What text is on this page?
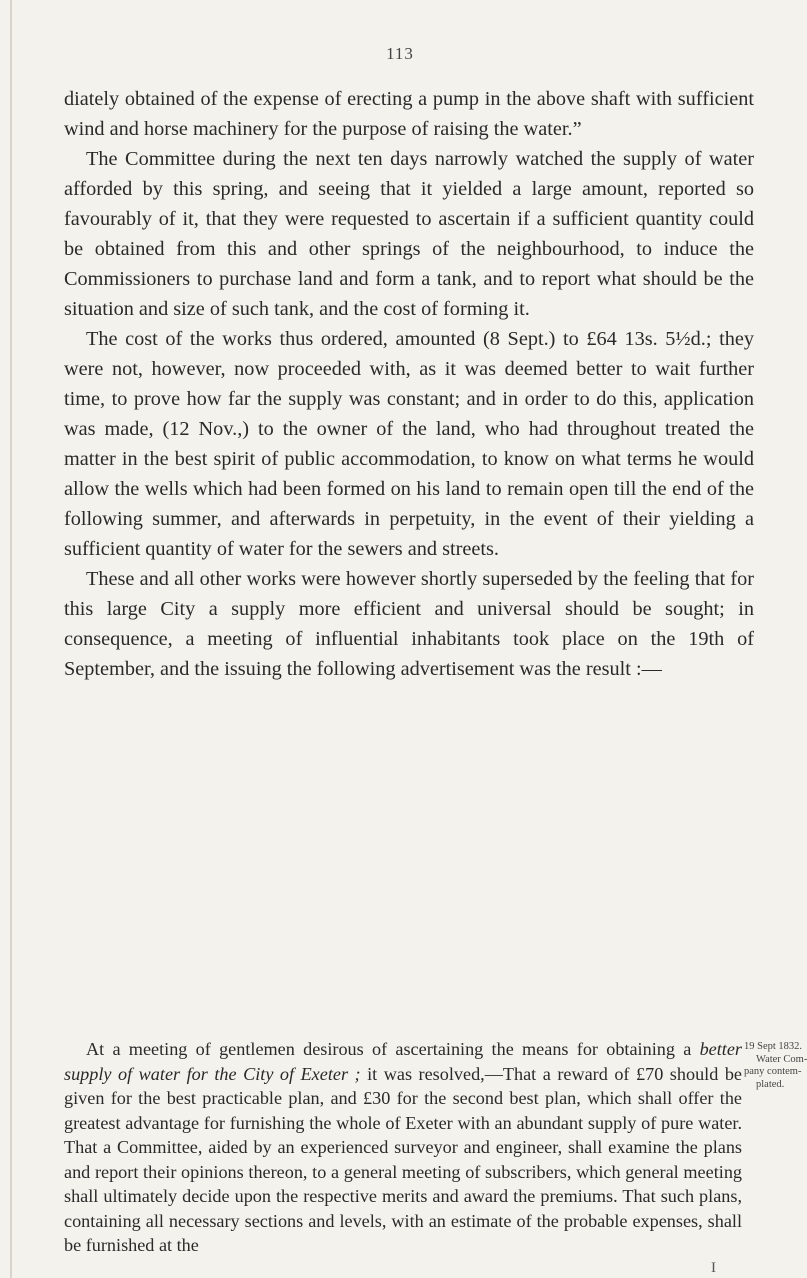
113

diately obtained of the expense of erecting a pump in the above shaft with sufficient wind and horse machinery for the purpose of raising the water.”

The Committee during the next ten days narrowly watched the supply of water afforded by this spring, and seeing that it yielded a large amount, reported so favourably of it, that they were requested to ascertain if a sufficient quantity could be obtained from this and other springs of the neighbourhood, to induce the Commissioners to purchase land and form a tank, and to report what should be the situation and size of such tank, and the cost of forming it.

The cost of the works thus ordered, amounted (8 Sept.) to £64 13s. 5½d.; they were not, however, now proceeded with, as it was deemed better to wait further time, to prove how far the supply was constant; and in order to do this, application was made, (12 Nov.,) to the owner of the land, who had throughout treated the matter in the best spirit of public accommodation, to know on what terms he would allow the wells which had been formed on his land to remain open till the end of the following summer, and afterwards in perpetuity, in the event of their yielding a sufficient quantity of water for the sewers and streets.

These and all other works were however shortly superseded by the feeling that for this large City a supply more efficient and universal should be sought; in consequence, a meeting of influential inhabitants took place on the 19th of September, and the issuing the following advertisement was the result :—

At a meeting of gentlemen desirous of ascertaining the means for obtaining a better supply of water for the City of Exeter ; it was resolved,—That a reward of £70 should be given for the best practicable plan, and £30 for the second best plan, which shall offer the greatest advantage for furnishing the whole of Exeter with an abundant supply of pure water. That a Committee, aided by an experienced surveyor and engineer, shall examine the plans and report their opinions thereon, to a general meeting of subscribers, which general meeting shall ultimately decide upon the respective merits and award the premiums. That such plans, containing all necessary sections and levels, with an estimate of the probable expenses, shall be furnished at the

19 Sept 1832.
Water Com-
pany contem-
plated.
I
